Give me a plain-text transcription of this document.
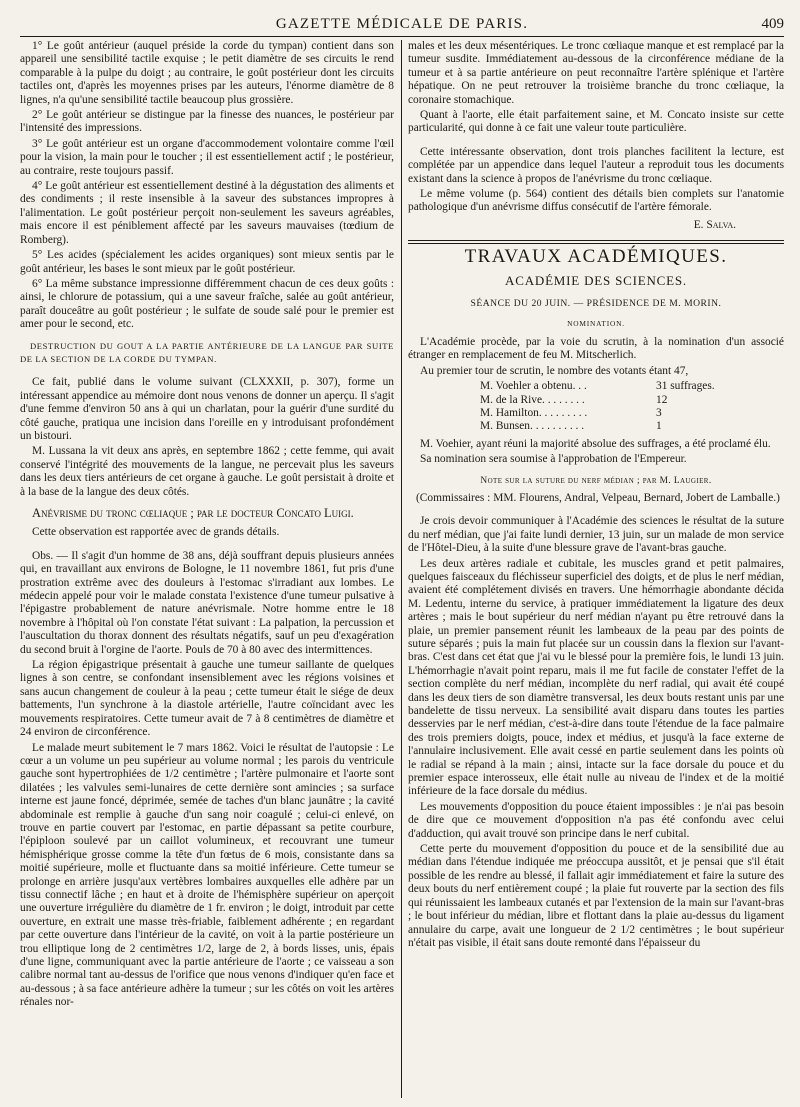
GAZETTE MÉDICALE DE PARIS.	409

1° Le goût antérieur (auquel préside la corde du tympan) contient dans son appareil une sensibilité tactile exquise ; le petit diamètre de ses circuits le rend comparable à la pulpe du doigt ; au contraire, le goût postérieur dont les circuits tactiles ont, d'après les moyennes prises par les auteurs, l'énorme diamètre de 8 lignes, n'a qu'une sensibilité tactile beaucoup plus grossière.

2° Le goût antérieur se distingue par la finesse des nuances, le postérieur par l'intensité des impressions.

3° Le goût antérieur est un organe d'accommodement volontaire comme l'œil pour la vision, la main pour le toucher ; il est essentiellement actif ; le postérieur, au contraire, reste toujours passif.

4° Le goût antérieur est essentiellement destiné à la dégustation des aliments et des condiments ; il reste insensible à la saveur des substances impropres à l'alimentation. Le goût postérieur perçoit non-seulement les saveurs agréables, mais encore il est péniblement affecté par les saveurs mauvaises (tœdium de Romberg).

5° Les acides (spécialement les acides organiques) sont mieux sentis par le goût antérieur, les bases le sont mieux par le goût postérieur.

6° La même substance impressionne différemment chacun de ces deux goûts : ainsi, le chlorure de potassium, qui a une saveur fraîche, salée au goût antérieur, paraît douceâtre au goût postérieur ; le sulfate de soude salé pour le premier est amer pour le second, etc.

DESTRUCTION DU GOUT A LA PARTIE ANTÉRIEURE DE LA LANGUE PAR SUITE DE LA SECTION DE LA CORDE DU TYMPAN.

Ce fait, publié dans le volume suivant (CLXXXII, p. 307), forme un intéressant appendice au mémoire dont nous venons de donner un aperçu. Il s'agit d'une femme d'environ 50 ans à qui un charlatan, pour la guérir d'une surdité du côté gauche, pratiqua une incision dans l'oreille en y introduisant profondément un bistouri.

M. Lussana la vit deux ans après, en septembre 1862 ; cette femme, qui avait conservé l'intégrité des mouvements de la langue, ne percevait plus les saveurs dans les deux tiers antérieurs de cet organe à gauche. Le goût persistait à droite et à la base de la langue des deux côtés.

Anévrisme du tronc cœliaque ; par le docteur Concato Luigi.

Cette observation est rapportée avec de grands détails.

Obs. — Il s'agit d'un homme de 38 ans, déjà souffrant depuis plusieurs années qui, en travaillant aux environs de Bologne, le 11 novembre 1861, fut pris d'une prostration extrême avec des douleurs à l'estomac s'irradiant aux lombes. Le médecin appelé pour voir le malade constata l'existence d'une tumeur pulsative à l'épigastre probablement de nature anévrismale. Notre homme entre le 18 novembre à l'hôpital où l'on constate l'état suivant : La palpation, la percussion et l'auscultation du thorax donnent des résultats négatifs, sauf un peu d'exagération du second bruit à l'orgine de l'aorte. Pouls de 70 à 80 avec des intermittences.

La région épigastrique présentait à gauche une tumeur saillante de quelques lignes à son centre, se confondant insensiblement avec les régions voisines et sans aucun changement de couleur à la peau ; cette tumeur était le siége de deux battements, l'un synchrone à la diastole artérielle, l'autre coïncidant avec les mouvements respiratoires. Cette tumeur avait de 7 à 8 centimètres de diamètre et 24 environ de circonférence.

Le malade meurt subitement le 7 mars 1862. Voici le résultat de l'autopsie : Le cœur a un volume un peu supérieur au volume normal ; les parois du ventricule gauche sont hypertrophiées de 1/2 centimètre ; l'artère pulmonaire et l'aorte sont dilatées ; les valvules semi-lunaires de cette dernière sont amincies ; sa surface interne est jaune foncé, déprimée, semée de taches d'un blanc jaunâtre ; la cavité abdominale est remplie à gauche d'un sang noir coagulé ; celui-ci enlevé, on trouve en partie couvert par l'estomac, en partie dépassant sa petite courbure, l'épiploon soulevé par un caillot volumineux, et recouvrant une tumeur hémisphérique grosse comme la tête d'un fœtus de 6 mois, consistante dans sa moitié supérieure, molle et fluctuante dans sa moitié inférieure. Cette tumeur se prolonge en arrière jusqu'aux vertèbres lombaires auxquelles elle adhère par un tissu connectif lâche ; en haut et à droite de l'hémisphère supérieur on aperçoit une ouverture irrégulière du diamètre de 1 fr. environ ; le doigt, introduit par cette ouverture, en extrait une masse très-friable, faiblement adhérente ; en regardant par cette ouverture dans l'intérieur de la cavité, on voit à la partie postérieure un trou elliptique long de 2 centimètres 1/2, large de 2, à bords lisses, unis, épais d'une ligne, communiquant avec la partie antérieure de l'aorte ; ce vaisseau a son calibre normal tant au-dessus de l'orifice que nous venons d'indiquer qu'en face et au-dessous ; à sa face antérieure adhère la tumeur ; sur les côtés on voit les artères rénales nor-

males et les deux mésentériques. Le tronc cœliaque manque et est remplacé par la tumeur susdite. Immédiatement au-dessous de la circonférence médiane de la tumeur et à sa partie antérieure on peut reconnaître l'artère splénique et l'artère hépatique. On ne peut retrouver la troisième branche du tronc cœliaque, la coronaire stomachique.

Quant à l'aorte, elle était parfaitement saine, et M. Concato insiste sur cette particularité, qui donne à ce fait une valeur toute particulière.

Cette intéressante observation, dont trois planches facilitent la lecture, est complétée par un appendice dans lequel l'auteur a reproduit tous les documents existant dans la science à propos de l'anévrisme du tronc cœliaque.

Le même volume (p. 564) contient des détails bien complets sur l'anatomie pathologique d'un anévrisme diffus consécutif de l'artère fémorale.

E. Salva.

TRAVAUX ACADÉMIQUES.
ACADÉMIE DES SCIENCES.
SÉANCE DU 20 JUIN. — PRÉSIDENCE DE M. MORIN.
NOMINATION.

L'Académie procède, par la voie du scrutin, à la nomination d'un associé étranger en remplacement de feu M. Mitscherlich.

Au premier tour de scrutin, le nombre des votants étant 47,

M. Voehler a obtenu. . .	31 suffrages.
M. de la Rive. . . . . . . .	12
M. Hamilton. . . . . . . . .	3
M. Bunsen. . . . . . . . . .	1

M. Voehier, ayant réuni la majorité absolue des suffrages, a été proclamé élu.

Sa nomination sera soumise à l'approbation de l'Empereur.

Note sur la suture du nerf médian ; par M. Laugier.

(Commissaires : MM. Flourens, Andral, Velpeau, Bernard, Jobert de Lamballe.)

Je crois devoir communiquer à l'Académie des sciences le résultat de la suture du nerf médian, que j'ai faite lundi dernier, 13 juin, sur un malade de mon service de l'Hôtel-Dieu, à la suite d'une blessure grave de l'avant-bras gauche.

Les deux artères radiale et cubitale, les muscles grand et petit palmaires, quelques faisceaux du fléchisseur superficiel des doigts, et de plus le nerf médian, avaient été complétement divisés en travers. Une hémorrhagie abondante décida M. Ledentu, interne du service, à pratiquer immédiatement la ligature des deux artères ; mais le bout supérieur du nerf médian n'ayant pu être retrouvé dans la plaie, un premier pansement réunit les lambeaux de la peau par des points de suture séparés ; puis la main fut placée sur un coussin dans la flexion sur l'avant-bras. C'est dans cet état que j'ai vu le blessé pour la première fois, le lundi 13 juin. L'hémorrhagie n'avait point reparu, mais il me fut facile de constater l'effet de la section complète du nerf médian, incomplète du nerf radial, qui avait été coupé dans les deux tiers de son diamètre transversal, les deux bouts restant unis par une bandelette de tissu nerveux. La sensibilité avait disparu dans toutes les parties desservies par le nerf médian, c'est-à-dire dans toute l'étendue de la face palmaire des trois premiers doigts, pouce, index et médius, et jusqu'à la face externe de l'annulaire inclusivement. Elle avait cessé en partie seulement dans les points où le radial se répand à la main ; ainsi, intacte sur la face dorsale du pouce et du premier espace interosseux, elle était nulle au niveau de l'index et de la moitié inférieure de la face dorsale du médius.

Les mouvements d'opposition du pouce étaient impossibles : je n'ai pas besoin de dire que ce mouvement d'opposition n'a pas été confondu avec celui d'adduction, qui avait trouvé son principe dans le nerf cubital.

Cette perte du mouvement d'opposition du pouce et de la sensibilité due au médian dans l'étendue indiquée me préoccupa aussitôt, et je pensai que s'il était possible de les rendre au blessé, il fallait agir immédiatement et faire la suture des deux bouts du nerf entièrement coupé ; la plaie fut rouverte par la section des fils qui réunissaient les lambeaux cutanés et par l'extension de la main sur l'avant-bras ; le bout inférieur du médian, libre et flottant dans la plaie au-dessus du ligament annulaire du carpe, avait une longueur de 2 1/2 centimètres ; le bout supérieur n'était pas visible, il était sans doute remonté dans l'épaisseur du
